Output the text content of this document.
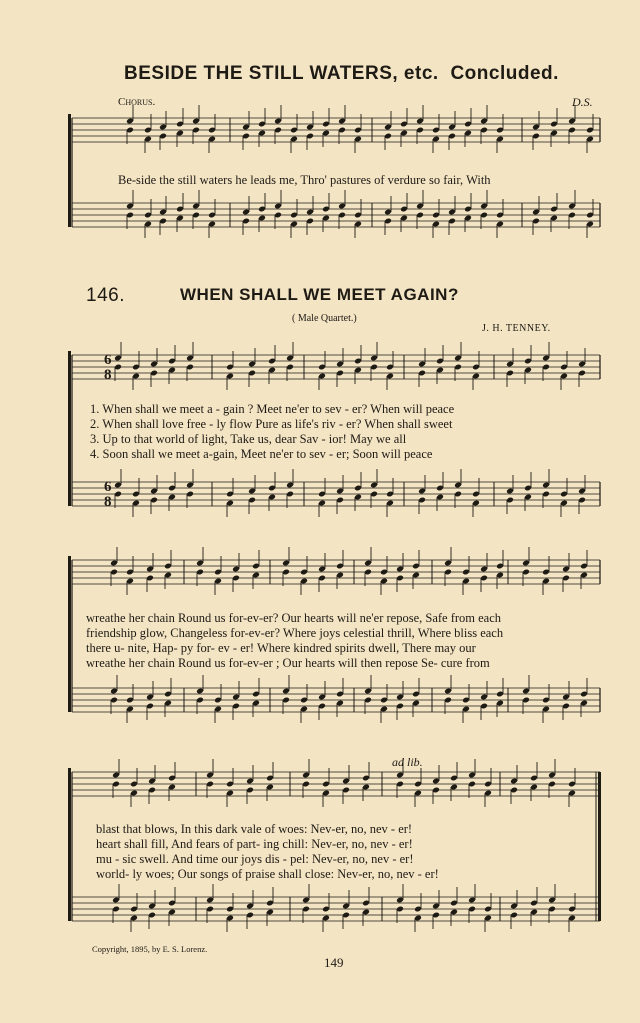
BESIDE THE STILL WATERS, etc. Concluded.
Chorus.	D.S.
Be-side the still waters he leads me, Thro' pastures of verdure so fair, With
146.	WHEN SHALL WE MEET AGAIN?
( Male Quartet.)
J. H. TENNEY.
1. When shall we meet a - gain ? Meet ne'er to sev - er? When will peace
2. When shall love free - ly flow Pure as life's riv - er? When shall sweet
3. Up to that world of light, Take us, dear Sav - ior! May we all
4. Soon shall we meet a-gain, Meet ne'er to sev - er; Soon will peace
wreathe her chain Round us for-ev-er? Our hearts will ne'er repose, Safe from each
friendship glow, Changeless for-ev-er? Where joys celestial thrill, Where bliss each
there u- nite, Hap- py for- ev - er! Where kindred spirits dwell, There may our
wreathe her chain Round us for-ev-er ; Our hearts will then repose Se- cure from
ad lib.
blast that blows, In this dark vale of woes: Nev-er, no, nev - er!
heart shall fill, And fears of part- ing chill: Nev-er, no, nev - er!
mu - sic swell. And time our joys dis - pel: Nev-er, no, nev - er!
world- ly woes; Our songs of praise shall close: Nev-er, no, nev - er!
Copyright, 1895, by E. S. Lorenz.
149
6
8
6
8
